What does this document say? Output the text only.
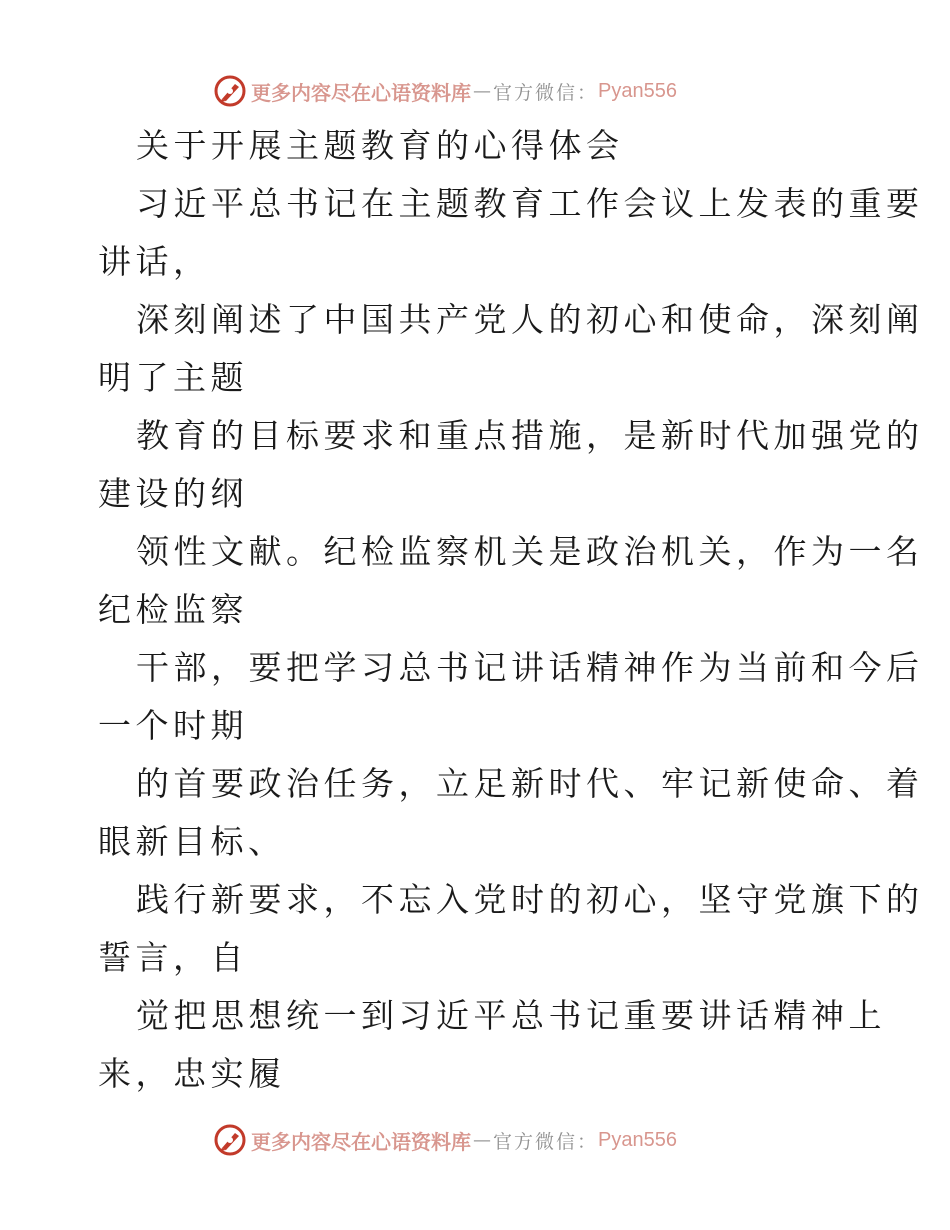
更多内容尽在心语资料库 — 官方微信： Pyan556
关于开展主题教育的心得体会
习近平总书记在主题教育工作会议上发表的重要
讲话，
深刻阐述了中国共产党人的初心和使命，深刻阐
明了主题
教育的目标要求和重点措施，是新时代加强党的
建设的纲
领性文献。纪检监察机关是政治机关，作为一名
纪检监察
干部，要把学习总书记讲话精神作为当前和今后
一个时期
的首要政治任务，立足新时代、牢记新使命、着
眼新目标、
践行新要求，不忘入党时的初心，坚守党旗下的
誓言，自
觉把思想统一到习近平总书记重要讲话精神上
来，忠实履
更多内容尽在心语资料库 — 官方微信： Pyan556
